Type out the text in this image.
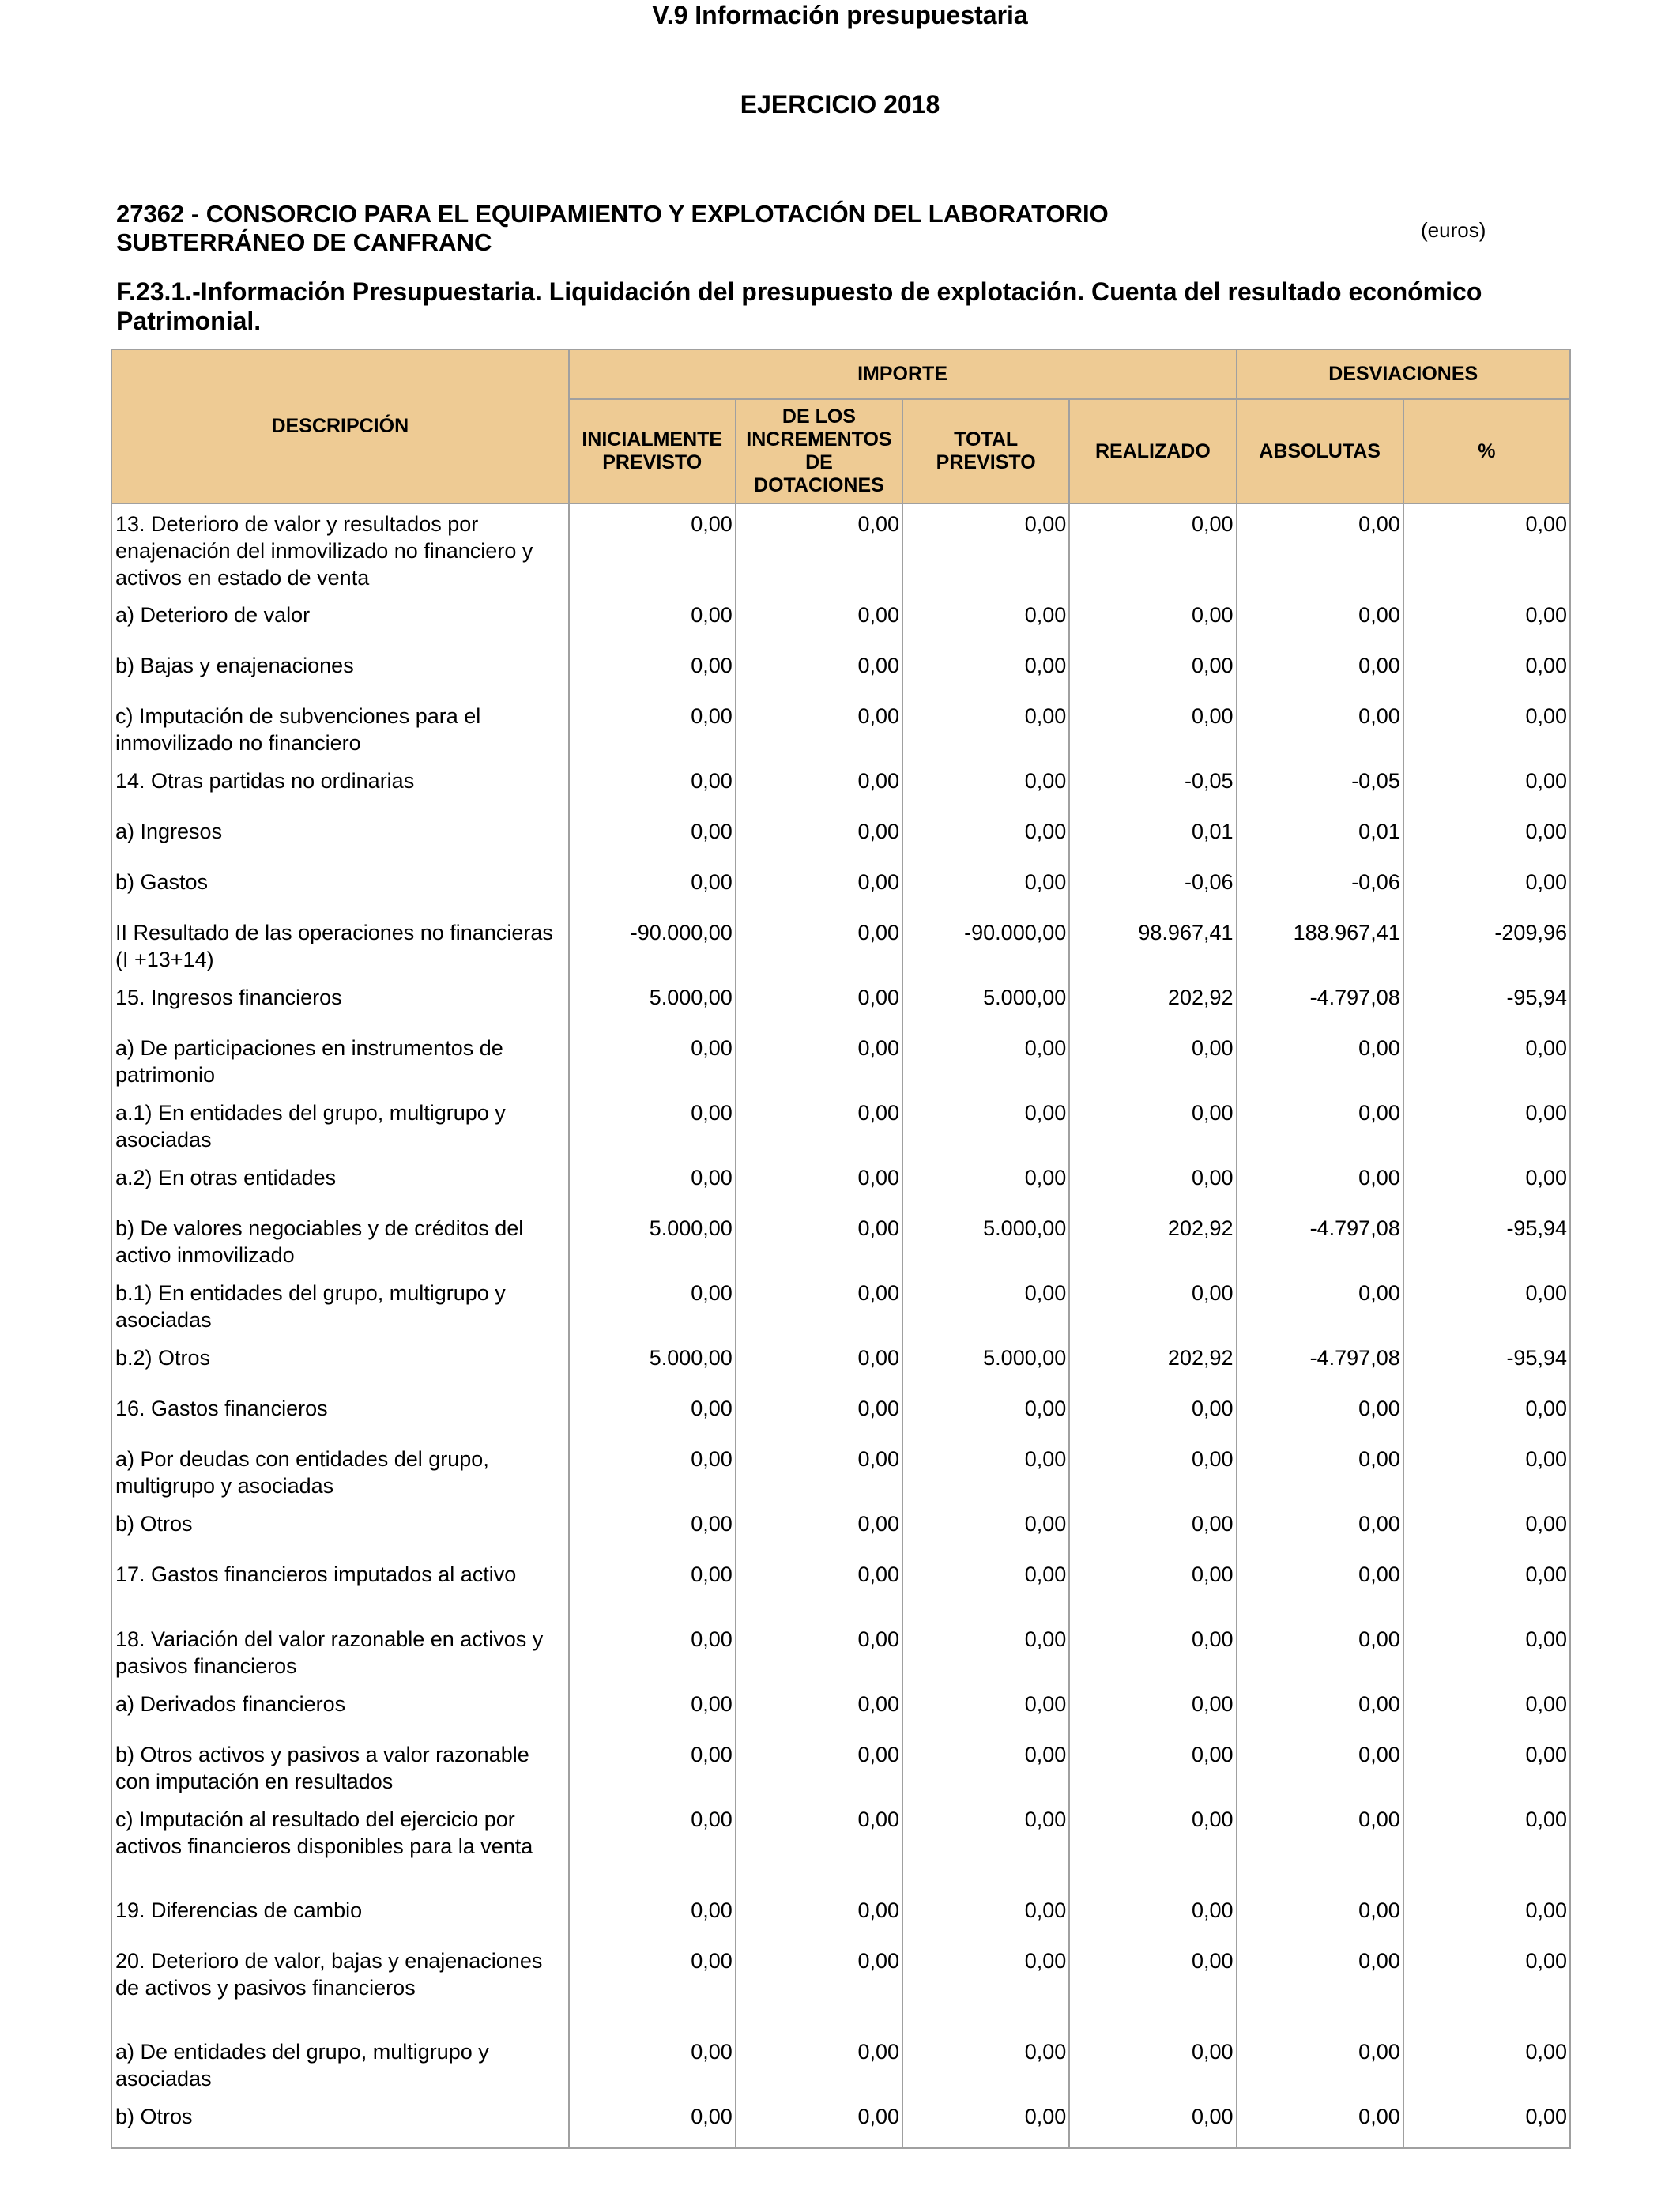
V.9 Información presupuestaria
EJERCICIO 2018
27362 - CONSORCIO PARA EL EQUIPAMIENTO Y EXPLOTACIÓN DEL LABORATORIO
SUBTERRÁNEO DE CANFRANC	(euros)
F.23.1.-Información Presupuestaria. Liquidación del presupuesto de explotación. Cuenta del resultado económico Patrimonial.
DESCRIPCIÓN	IMPORTE				DESVIACIONES	
	INICIALMENTE PREVISTO	DE LOS INCREMENTOS DE DOTACIONES	TOTAL PREVISTO	REALIZADO	ABSOLUTAS	%
13. Deterioro de valor y resultados por enajenación del inmovilizado no financiero y activos en estado de venta	0,00	0,00	0,00	0,00	0,00	0,00
a) Deterioro de valor	0,00	0,00	0,00	0,00	0,00	0,00
b) Bajas y enajenaciones	0,00	0,00	0,00	0,00	0,00	0,00
c) Imputación de subvenciones para el inmovilizado no financiero	0,00	0,00	0,00	0,00	0,00	0,00
14. Otras partidas no ordinarias	0,00	0,00	0,00	-0,05	-0,05	0,00
a) Ingresos	0,00	0,00	0,00	0,01	0,01	0,00
b) Gastos	0,00	0,00	0,00	-0,06	-0,06	0,00
II Resultado de las operaciones no financieras (I +13+14)	-90.000,00	0,00	-90.000,00	98.967,41	188.967,41	-209,96
15. Ingresos financieros	5.000,00	0,00	5.000,00	202,92	-4.797,08	-95,94
a) De participaciones en instrumentos de patrimonio	0,00	0,00	0,00	0,00	0,00	0,00
a.1) En entidades del grupo, multigrupo y asociadas	0,00	0,00	0,00	0,00	0,00	0,00
a.2) En otras entidades	0,00	0,00	0,00	0,00	0,00	0,00
b) De valores negociables y de créditos del activo inmovilizado	5.000,00	0,00	5.000,00	202,92	-4.797,08	-95,94
b.1) En entidades del grupo, multigrupo y asociadas	0,00	0,00	0,00	0,00	0,00	0,00
b.2) Otros	5.000,00	0,00	5.000,00	202,92	-4.797,08	-95,94
16. Gastos financieros	0,00	0,00	0,00	0,00	0,00	0,00
a) Por deudas con entidades del grupo, multigrupo y asociadas	0,00	0,00	0,00	0,00	0,00	0,00
b) Otros	0,00	0,00	0,00	0,00	0,00	0,00
17. Gastos financieros imputados al activo	0,00	0,00	0,00	0,00	0,00	0,00
18. Variación del valor razonable en activos y pasivos financieros	0,00	0,00	0,00	0,00	0,00	0,00
a) Derivados financieros	0,00	0,00	0,00	0,00	0,00	0,00
b) Otros activos y pasivos a valor razonable con imputación en resultados	0,00	0,00	0,00	0,00	0,00	0,00
c) Imputación al resultado del ejercicio por activos financieros disponibles para la venta	0,00	0,00	0,00	0,00	0,00	0,00
19. Diferencias de cambio	0,00	0,00	0,00	0,00	0,00	0,00
20. Deterioro de valor, bajas y enajenaciones de activos y pasivos financieros	0,00	0,00	0,00	0,00	0,00	0,00
a) De entidades del grupo, multigrupo y asociadas	0,00	0,00	0,00	0,00	0,00	0,00
b) Otros	0,00	0,00	0,00	0,00	0,00	0,00
